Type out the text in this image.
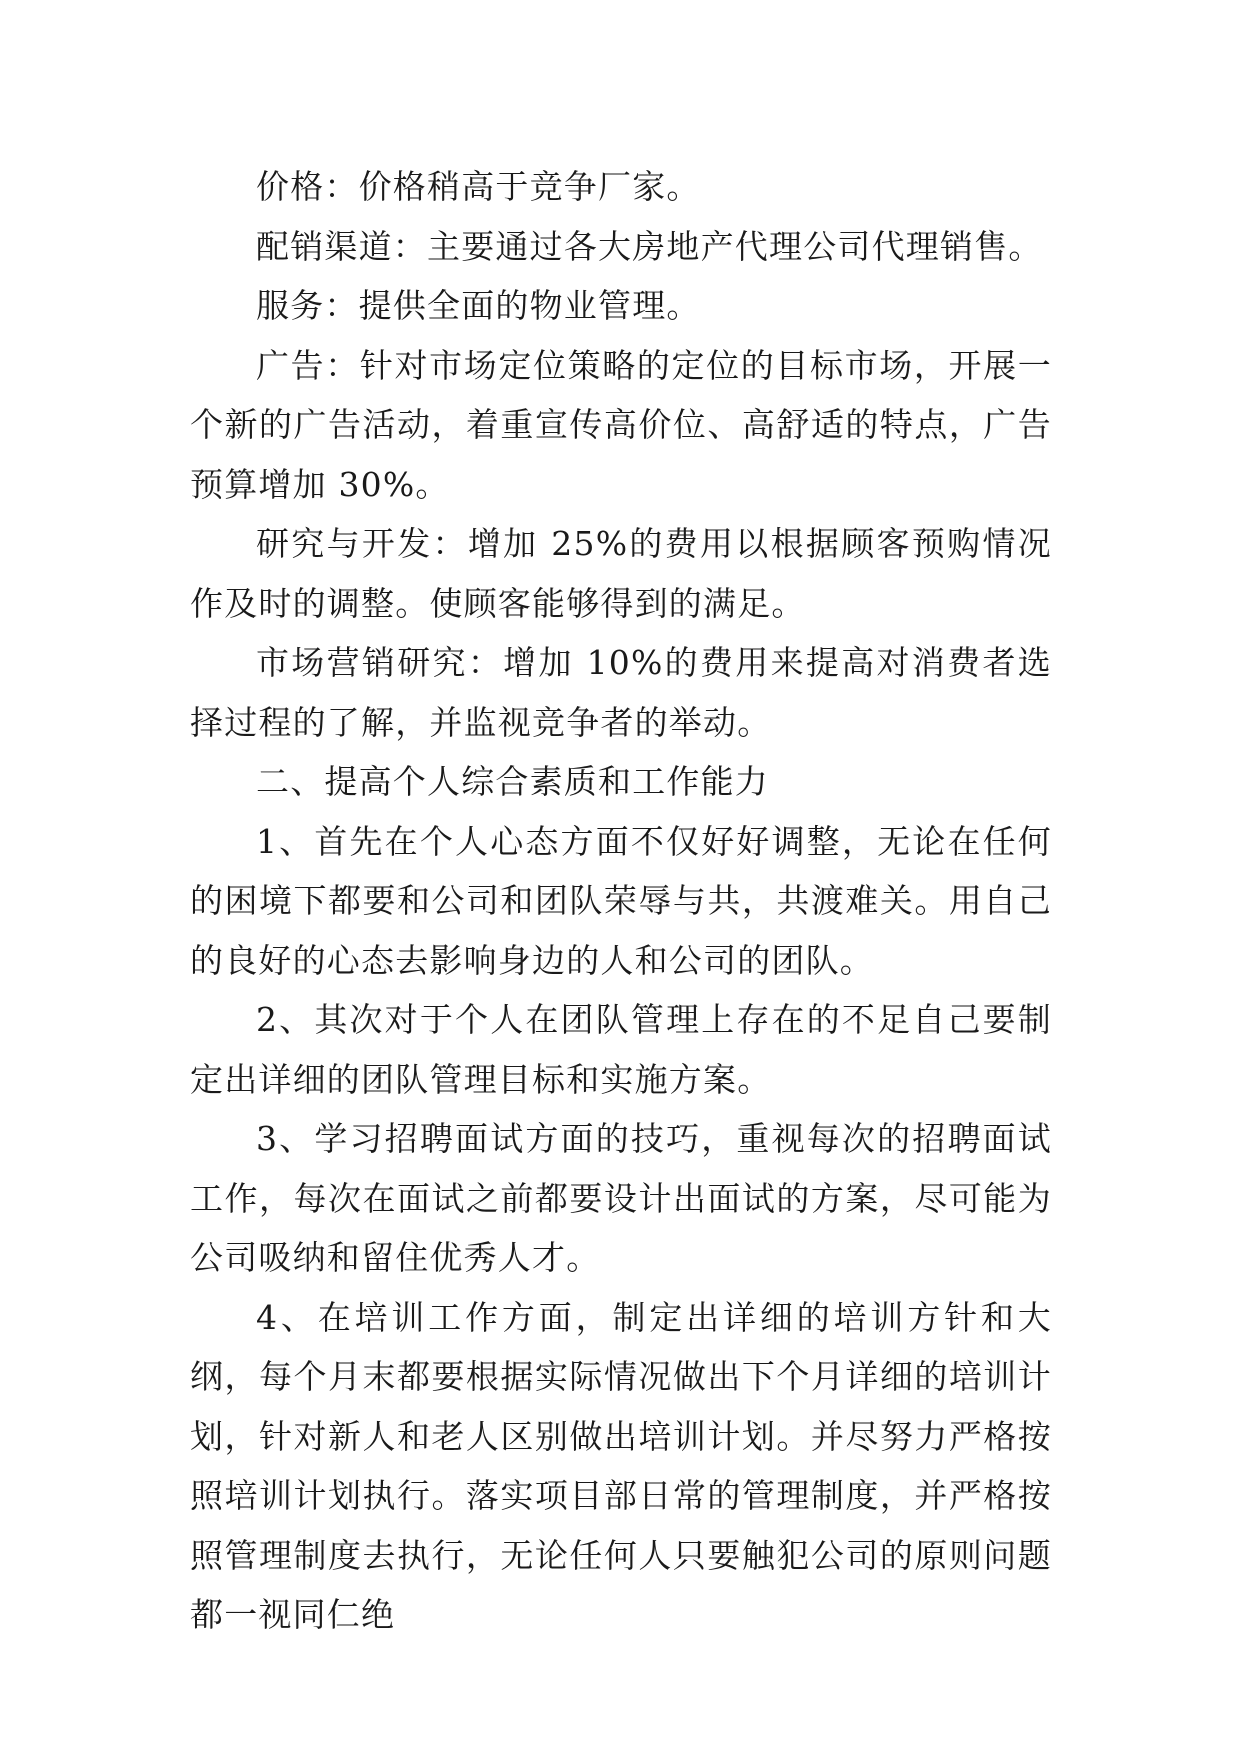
价格：价格稍高于竞争厂家。

配销渠道：主要通过各大房地产代理公司代理销售。

服务：提供全面的物业管理。

广告：针对市场定位策略的定位的目标市场，开展一个新的广告活动，着重宣传高价位、高舒适的特点，广告预算增加 30%。

研究与开发：增加 25%的费用以根据顾客预购情况作及时的调整。使顾客能够得到的满足。

市场营销研究：增加 10%的费用来提高对消费者选择过程的了解，并监视竞争者的举动。

二、提高个人综合素质和工作能力

1、首先在个人心态方面不仅好好调整，无论在任何的困境下都要和公司和团队荣辱与共，共渡难关。用自己的良好的心态去影响身边的人和公司的团队。

2、其次对于个人在团队管理上存在的不足自己要制定出详细的团队管理目标和实施方案。

3、学习招聘面试方面的技巧，重视每次的招聘面试工作，每次在面试之前都要设计出面试的方案，尽可能为公司吸纳和留住优秀人才。

4、在培训工作方面，制定出详细的培训方针和大纲，每个月末都要根据实际情况做出下个月详细的培训计划，针对新人和老人区别做出培训计划。并尽努力严格按照培训计划执行。落实项目部日常的管理制度，并严格按照管理制度去执行，无论任何人只要触犯公司的原则问题都一视同仁绝
